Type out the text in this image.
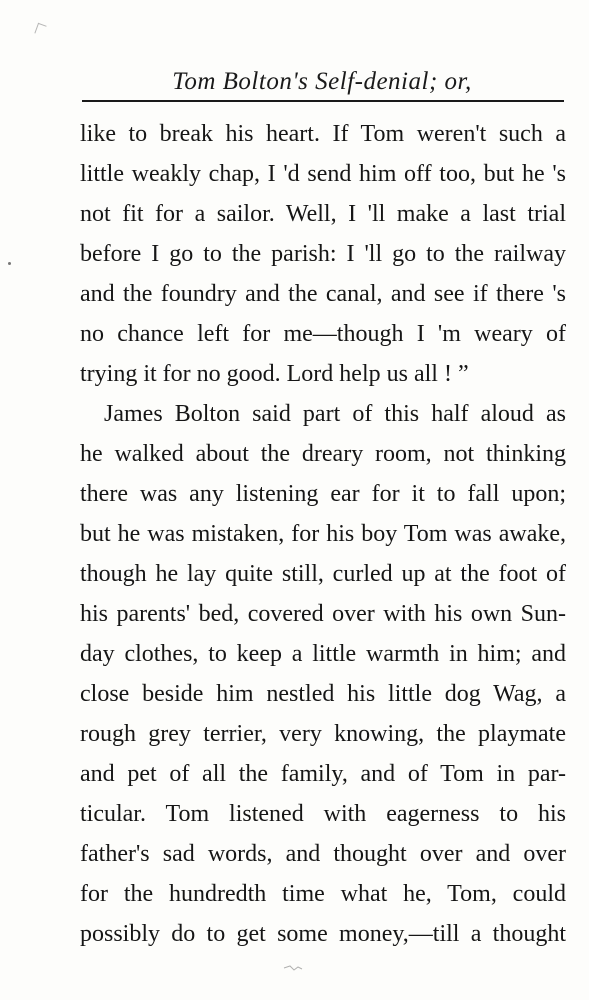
Tom Bolton's Self-denial; or,
like to break his heart. If Tom weren't such a
little weakly chap, I 'd send him off too, but he 's
not fit for a sailor. Well, I 'll make a last trial
before I go to the parish: I 'll go to the railway
and the foundry and the canal, and see if there 's
no chance left for me—though I 'm weary of
trying it for no good. Lord help us all ! ”
James Bolton said part of this half aloud as
he walked about the dreary room, not thinking
there was any listening ear for it to fall upon;
but he was mistaken, for his boy Tom was awake,
though he lay quite still, curled up at the foot of
his parents' bed, covered over with his own Sun-
day clothes, to keep a little warmth in him; and
close beside him nestled his little dog Wag, a
rough grey terrier, very knowing, the playmate
and pet of all the family, and of Tom in par-
ticular. Tom listened with eagerness to his
father's sad words, and thought over and over
for the hundredth time what he, Tom, could
possibly do to get some money,—till a thought
